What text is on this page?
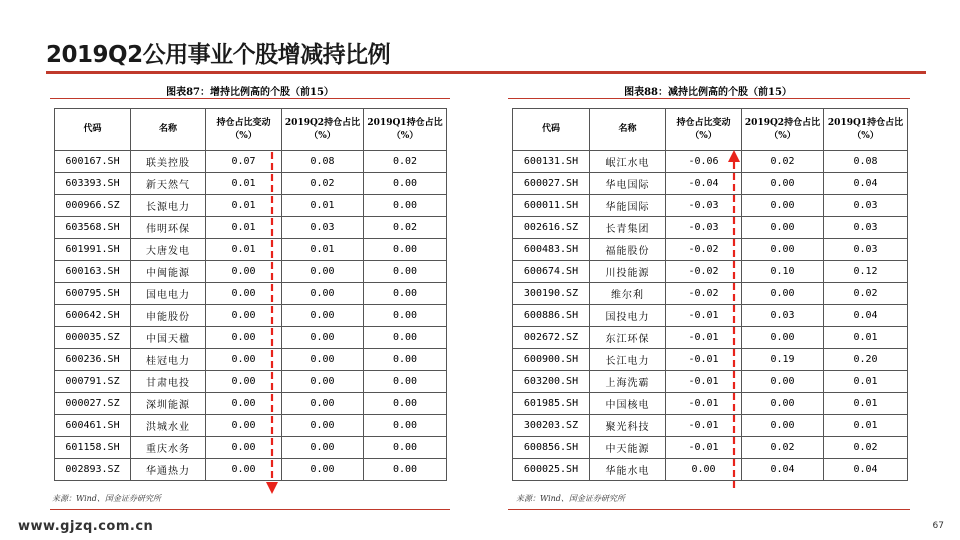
2019Q2公用事业个股增减持比例
图表87：增持比例高的个股（前15）
代码	名称	持仓占比变动（%）	2019Q2持仓占比（%）	2019Q1持仓占比（%）
600167.SH	联美控股	0.07	0.08	0.02
603393.SH	新天然气	0.01	0.02	0.00
000966.SZ	长源电力	0.01	0.01	0.00
603568.SH	伟明环保	0.01	0.03	0.02
601991.SH	大唐发电	0.01	0.01	0.00
600163.SH	中闽能源	0.00	0.00	0.00
600795.SH	国电电力	0.00	0.00	0.00
600642.SH	申能股份	0.00	0.00	0.00
000035.SZ	中国天楹	0.00	0.00	0.00
600236.SH	桂冠电力	0.00	0.00	0.00
000791.SZ	甘肃电投	0.00	0.00	0.00
000027.SZ	深圳能源	0.00	0.00	0.00
600461.SH	洪城水业	0.00	0.00	0.00
601158.SH	重庆水务	0.00	0.00	0.00
002893.SZ	华通热力	0.00	0.00	0.00
来源：Wind、国金证券研究所
图表88：减持比例高的个股（前15）
代码	名称	持仓占比变动（%）	2019Q2持仓占比（%）	2019Q1持仓占比（%）
600131.SH	岷江水电	-0.06	0.02	0.08
600027.SH	华电国际	-0.04	0.00	0.04
600011.SH	华能国际	-0.03	0.00	0.03
002616.SZ	长青集团	-0.03	0.00	0.03
600483.SH	福能股份	-0.02	0.00	0.03
600674.SH	川投能源	-0.02	0.10	0.12
300190.SZ	维尔利	-0.02	0.00	0.02
600886.SH	国投电力	-0.01	0.03	0.04
002672.SZ	东江环保	-0.01	0.00	0.01
600900.SH	长江电力	-0.01	0.19	0.20
603200.SH	上海洗霸	-0.01	0.00	0.01
601985.SH	中国核电	-0.01	0.00	0.01
300203.SZ	聚光科技	-0.01	0.00	0.01
600856.SH	中天能源	-0.01	0.02	0.02
600025.SH	华能水电	0.00	0.04	0.04
来源：Wind、国金证券研究所
www.gjzq.com.cn	67
